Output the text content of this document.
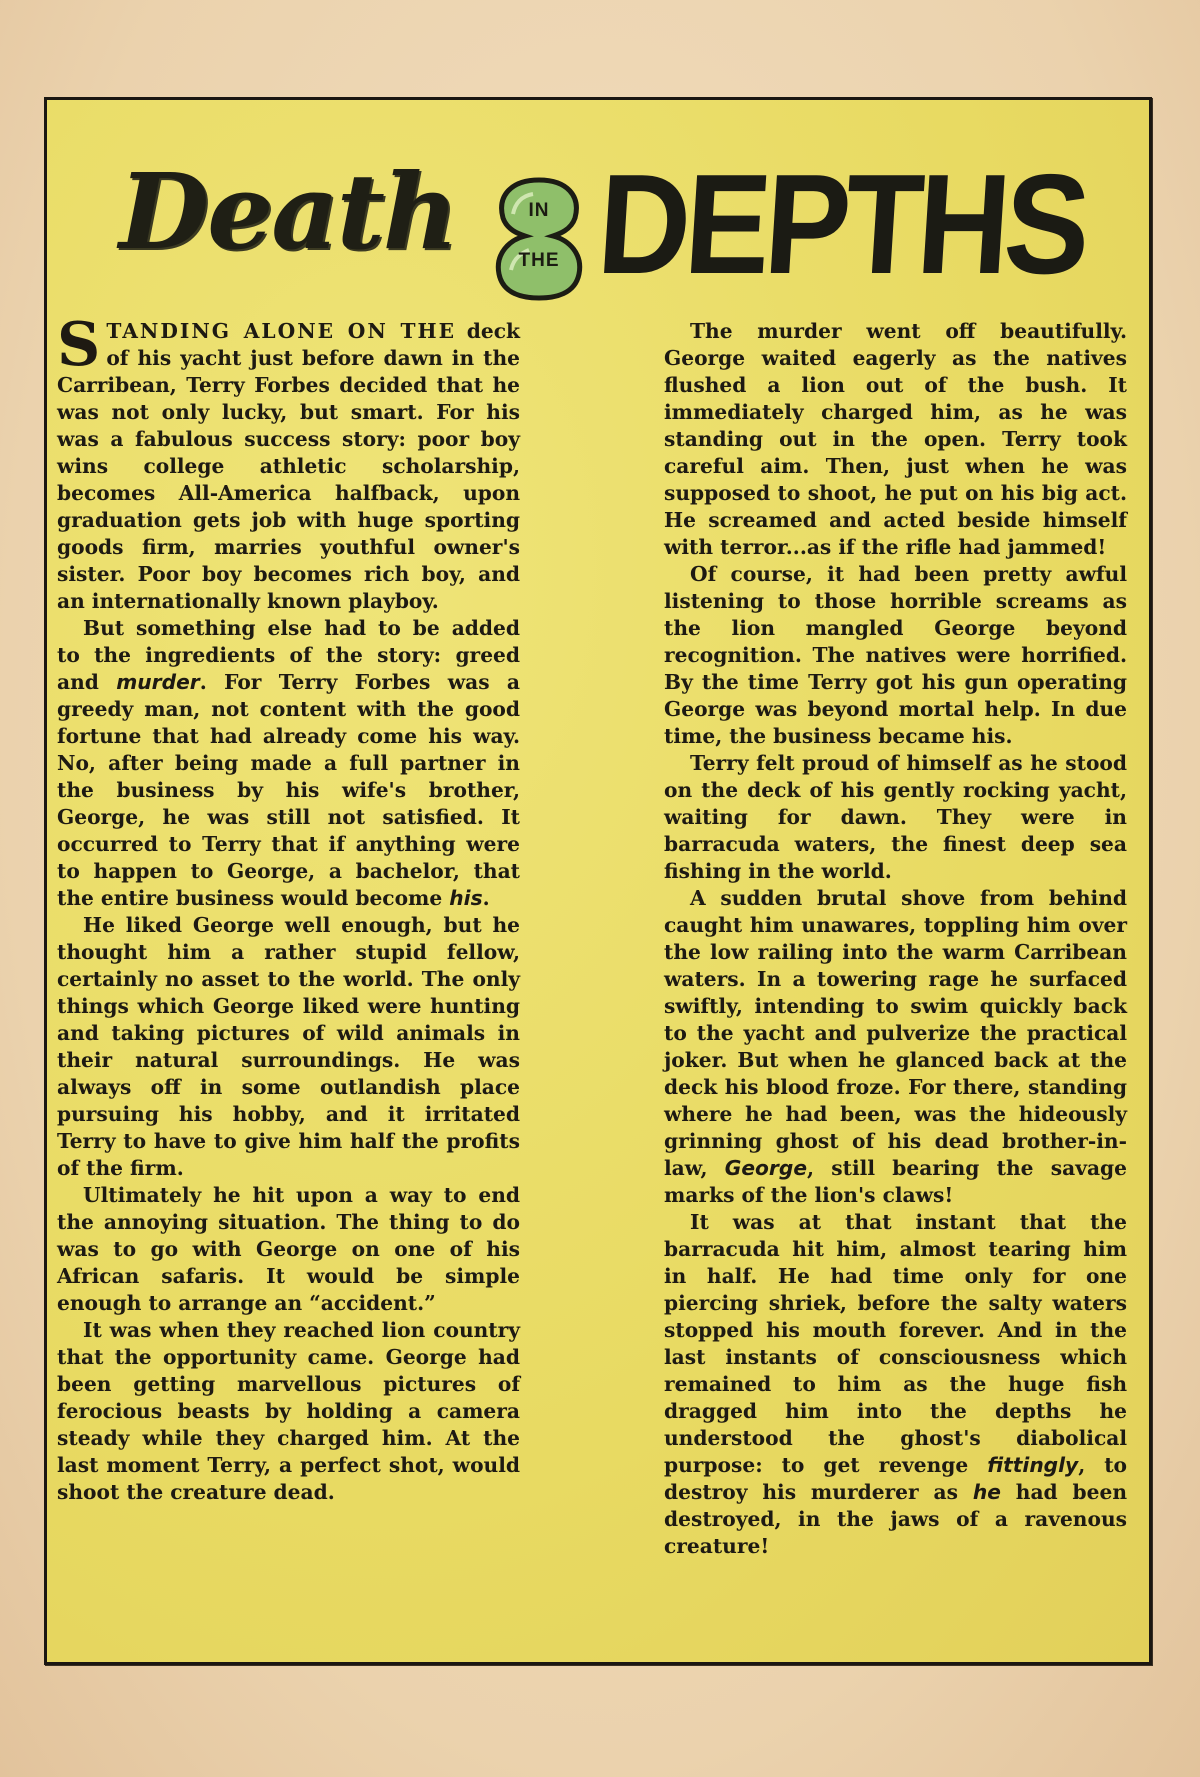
Death	IN
THE DEPTHS

STANDING ALONE ON THE deck of his yacht just before dawn in the Carribean, Terry Forbes decided that he was not only lucky, but smart. For his was a fabulous success story: poor boy wins college athletic scholarship, becomes All-America halfback, upon graduation gets job with huge sporting goods firm, marries youthful owner's sister. Poor boy becomes rich boy, and an internationally known playboy.

But something else had to be added to the ingredients of the story: greed and murder. For Terry Forbes was a greedy man, not content with the good fortune that had already come his way. No, after being made a full partner in the business by his wife's brother, George, he was still not satisfied. It occurred to Terry that if anything were to happen to George, a bachelor, that the entire business would become his.

He liked George well enough, but he thought him a rather stupid fellow, certainly no asset to the world. The only things which George liked were hunting and taking pictures of wild animals in their natural surroundings. He was always off in some outlandish place pursuing his hobby, and it irritated Terry to have to give him half the profits of the firm.

Ultimately he hit upon a way to end the annoying situation. The thing to do was to go with George on one of his African safaris. It would be simple enough to arrange an “accident.”

It was when they reached lion country that the opportunity came. George had been getting marvellous pictures of ferocious beasts by holding a camera steady while they charged him. At the last moment Terry, a perfect shot, would shoot the creature dead.

The murder went off beautifully. George waited eagerly as the natives flushed a lion out of the bush. It immediately charged him, as he was standing out in the open. Terry took careful aim. Then, just when he was supposed to shoot, he put on his big act. He screamed and acted beside himself with terror...as if the rifle had jammed!

Of course, it had been pretty awful listening to those horrible screams as the lion mangled George beyond recognition. The natives were horrified. By the time Terry got his gun operating George was beyond mortal help. In due time, the business became his.

Terry felt proud of himself as he stood on the deck of his gently rocking yacht, waiting for dawn. They were in barracuda waters, the finest deep sea fishing in the world.

A sudden brutal shove from behind caught him unawares, toppling him over the low railing into the warm Carribean waters. In a towering rage he surfaced swiftly, intending to swim quickly back to the yacht and pulverize the practical joker. But when he glanced back at the deck his blood froze. For there, standing where he had been, was the hideously grinning ghost of his dead brother-in-law, George, still bearing the savage marks of the lion's claws!

It was at that instant that the barracuda hit him, almost tearing him in half. He had time only for one piercing shriek, before the salty waters stopped his mouth forever. And in the last instants of consciousness which remained to him as the huge fish dragged him into the depths he understood the ghost's diabolical purpose: to get revenge fittingly, to destroy his murderer as he had been destroyed, in the jaws of a ravenous creature!
